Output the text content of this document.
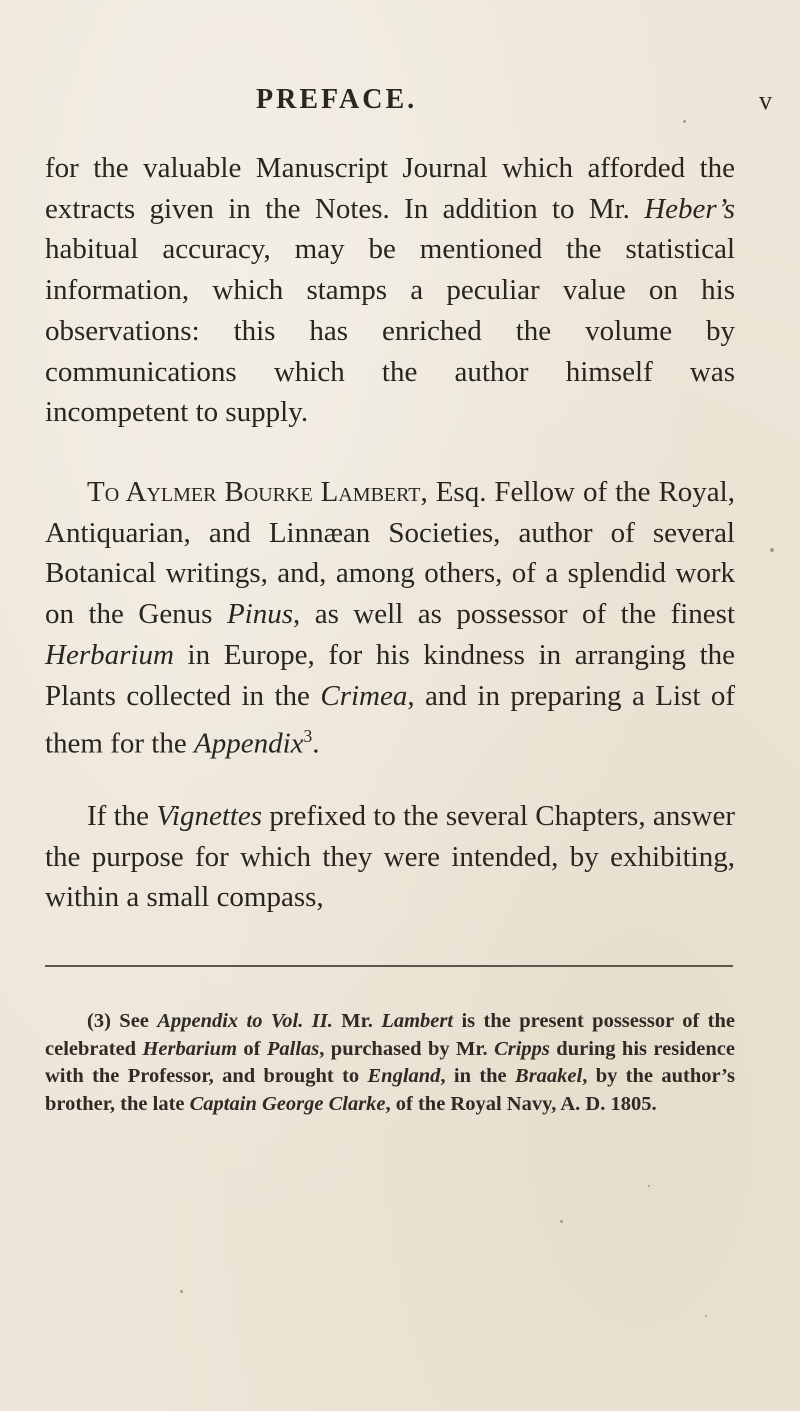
PREFACE.	v

for the valuable Manuscript Journal which afforded the extracts given in the Notes. In addition to Mr. Heber’s habitual accuracy, may be mentioned the statistical information, which stamps a peculiar value on his observations: this has enriched the volume by communications which the author himself was incompetent to supply.

To Aylmer Bourke Lambert, Esq. Fellow of the Royal, Antiquarian, and Linnæan Societies, author of several Botanical writings, and, among others, of a splendid work on the Genus Pinus, as well as possessor of the finest Herbarium in Europe, for his kindness in arranging the Plants collected in the Crimea, and in preparing a List of them for the Appendix$^3$.

If the Vignettes prefixed to the several Chapters, answer the purpose for which they were intended, by exhibiting, within a small compass,

(3) See Appendix to Vol. II. Mr. Lambert is the present possessor of the celebrated Herbarium of Pallas, purchased by Mr. Cripps during his residence with the Professor, and brought to England, in the Braakel, by the author’s brother, the late Captain George Clarke, of the Royal Navy, A. D. 1805.
